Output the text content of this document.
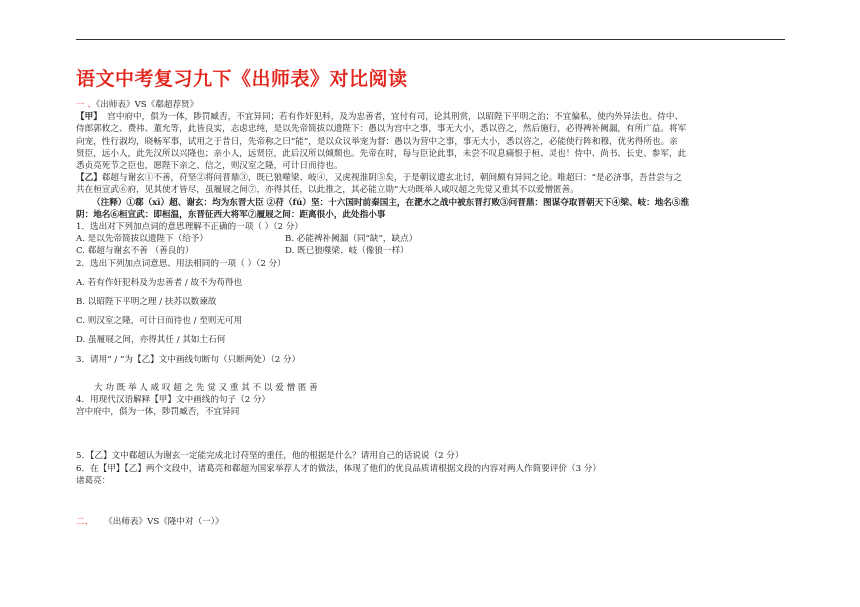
语文中考复习九下《出师表》对比阅读
一 、《出师表》VS《郗超荐贤》
【甲】 宫中府中，俱为一体，陟罚臧否，不宜异同；若有作奸犯科，及为忠善者，宜付有司，论其刑赏，以昭陛下平明之治；不宜偏私，使内外异法也。侍中、
侍郎郭攸之、费祎、董允等，此皆良实，志虑忠纯，是以先帝简拔以遗陛下：愚以为宫中之事，事无大小，悉以咨之，然后施行，必得裨补阙漏，有所广益。将军
向宠，性行淑均，晓畅军事，试用之于昔日，先帝称之曰“能”，是以众议举宠为督：愚以为营中之事，事无大小，悉以咨之，必能使行阵和穆，优劣得所也。亲
贤臣，远小人，此先汉所以兴隆也；亲小人，远贤臣，此后汉所以倾颓也。先帝在时，每与臣论此事，未尝不叹息痛恨于桓、灵也！侍中、尚书、长史、参军，此
悉贞亮死节之臣也，愿陛下亲之、信之，则汉室之隆，可计日而待也。
【乙】郗超与谢玄①不善，苻坚②将问晋鼎③，既已狼噬梁、岐④，又虎视淮阴⑤矣，于是朝议遣玄北讨，朝间颇有异同之论。唯超曰：“是必济事，吾昔尝与之
共在桓宣武⑥府，见其使才皆尽，虽履屐之间⑦，亦得其任，以此推之，其必能立勋”大功既举人咸叹超之先觉又重其不以爱憎匿善。
（注释）①郗（xī）超、谢玄：均为东晋大臣 ②苻（fú）坚：十六国时前秦国主，在淝水之战中被东晋打败③问晋鼎：图谋夺取晋朝天下④梁、岐：地名⑤淮
阴：地名⑥桓宣武：即桓温，东晋征西大将军⑦履屐之间：距离很小，此处指小事
1．选出对下列加点词的意思理解不正确的一项（ ）（2 分）
A. 是以先帝简拔以遗陛下（给予）	B. 必能裨补阙漏（同“缺”，缺点）
C. 郗超与谢玄不善 （善良的）	D. 既已狼噬梁、岐（像狼一样）
2．选出下列加点词意思、用法相同的一项（ ）（2 分）
A. 若有作奸犯科及为忠善者 / 故不为苟得也
B. 以昭陛下平明之理 / 扶苏以数谏故
C. 则汉室之隆，可计日而待也 / 至则无可用
D. 虽履屐之间，亦得其任 / 其如土石何
3．请用“ / ”为【乙】文中画线句断句（只断两处）（2 分）
大 功 既 举 人 咸 叹 超 之 先 觉 又 重 其 不 以 爱 憎 匿 善
4．用现代汉语解释【甲】文中画线的句子（2 分）
宫中府中，俱为一体，陟罚臧否，不宜异同
5．【乙】文中郗超认为谢玄一定能完成北讨苻坚的重任，他的根据是什么？请用自己的话说说（2 分）
6．在【甲】【乙】两个文段中，诸葛亮和郗超为国家举荐人才的做法，体现了他们的优良品质请根据文段的内容对两人作简要评价（3 分）
诸葛亮：
二、 《出师表》VS《隆中对（一）》
